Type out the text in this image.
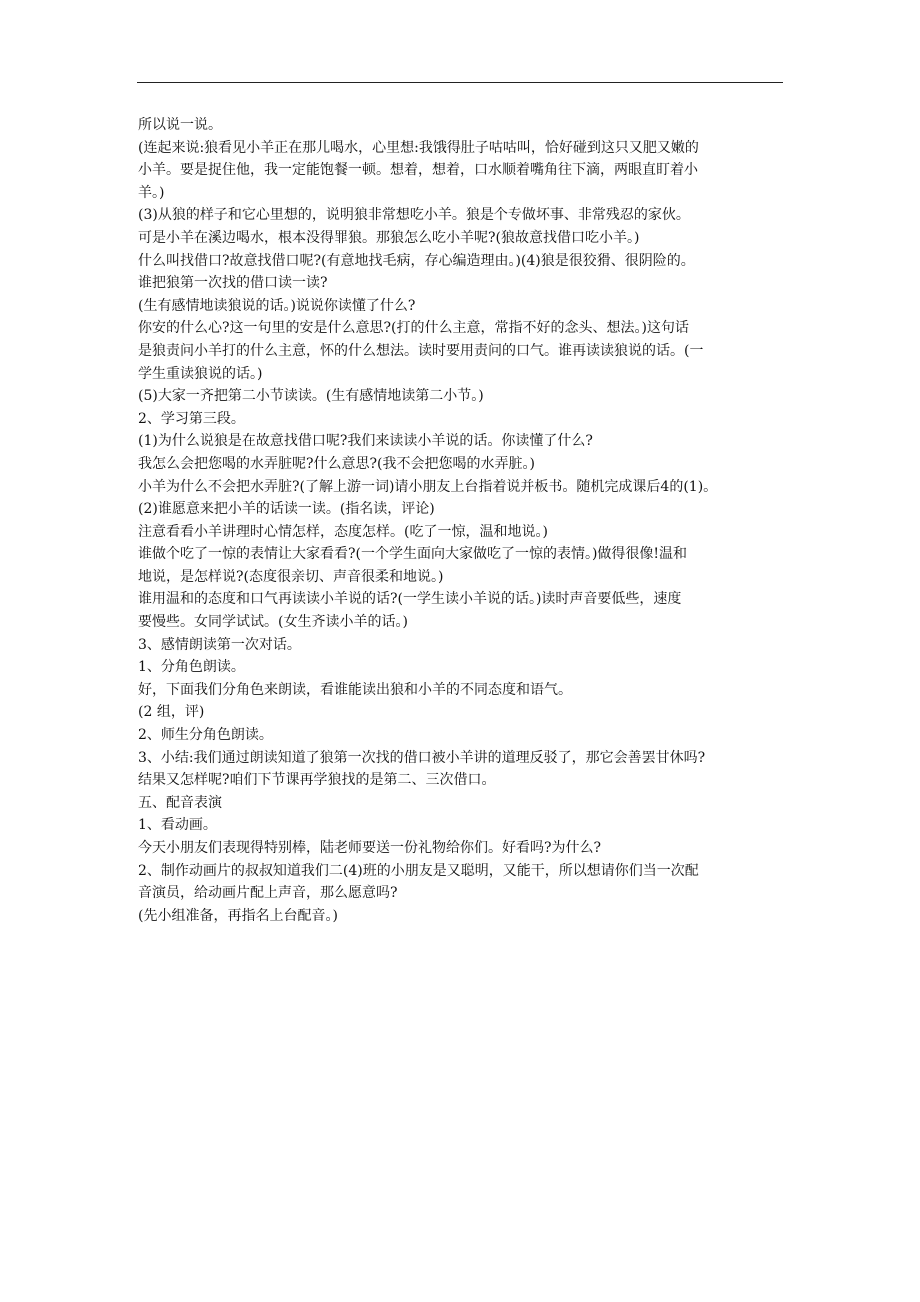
所以说一说。
(连起来说:狼看见小羊正在那儿喝水，心里想:我饿得肚子咕咕叫，恰好碰到这只又肥又嫩的
小羊。要是捉住他，我一定能饱餐一顿。想着，想着，口水顺着嘴角往下滴，两眼直盯着小
羊。)
(3)从狼的样子和它心里想的，说明狼非常想吃小羊。狼是个专做坏事、非常残忍的家伙。
可是小羊在溪边喝水，根本没得罪狼。那狼怎么吃小羊呢?(狼故意找借口吃小羊。)
什么叫找借口?故意找借口呢?(有意地找毛病，存心编造理由。)(4)狼是很狡猾、很阴险的。
谁把狼第一次找的借口读一读?
(生有感情地读狼说的话。)说说你读懂了什么?
你安的什么心?这一句里的安是什么意思?(打的什么主意，常指不好的念头、想法。)这句话
是狼责问小羊打的什么主意，怀的什么想法。读时要用责问的口气。谁再读读狼说的话。(一
学生重读狼说的话。)
(5)大家一齐把第二小节读读。(生有感情地读第二小节。)
2、学习第三段。
(1)为什么说狼是在故意找借口呢?我们来读读小羊说的话。你读懂了什么?
我怎么会把您喝的水弄脏呢?什么意思?(我不会把您喝的水弄脏。)
小羊为什么不会把水弄脏?(了解上游一词)请小朋友上台指着说并板书。随机完成课后4的(1)。
(2)谁愿意来把小羊的话读一读。(指名读，评论)
注意看看小羊讲理时心情怎样，态度怎样。(吃了一惊，温和地说。)
谁做个吃了一惊的表情让大家看看?(一个学生面向大家做吃了一惊的表情。)做得很像!温和
地说，是怎样说?(态度很亲切、声音很柔和地说。)
谁用温和的态度和口气再读读小羊说的话?(一学生读小羊说的话。)读时声音要低些，速度
要慢些。女同学试试。(女生齐读小羊的话。)
3、感情朗读第一次对话。
1、分角色朗读。
好，下面我们分角色来朗读，看谁能读出狼和小羊的不同态度和语气。
(2 组，评)
2、师生分角色朗读。
3、小结:我们通过朗读知道了狼第一次找的借口被小羊讲的道理反驳了，那它会善罢甘休吗?
结果又怎样呢?咱们下节课再学狼找的是第二、三次借口。
五、配音表演
1、看动画。
今天小朋友们表现得特别棒，陆老师要送一份礼物给你们。好看吗?为什么?
2、制作动画片的叔叔知道我们二(4)班的小朋友是又聪明，又能干，所以想请你们当一次配
音演员，给动画片配上声音，那么愿意吗?
(先小组准备，再指名上台配音。)
